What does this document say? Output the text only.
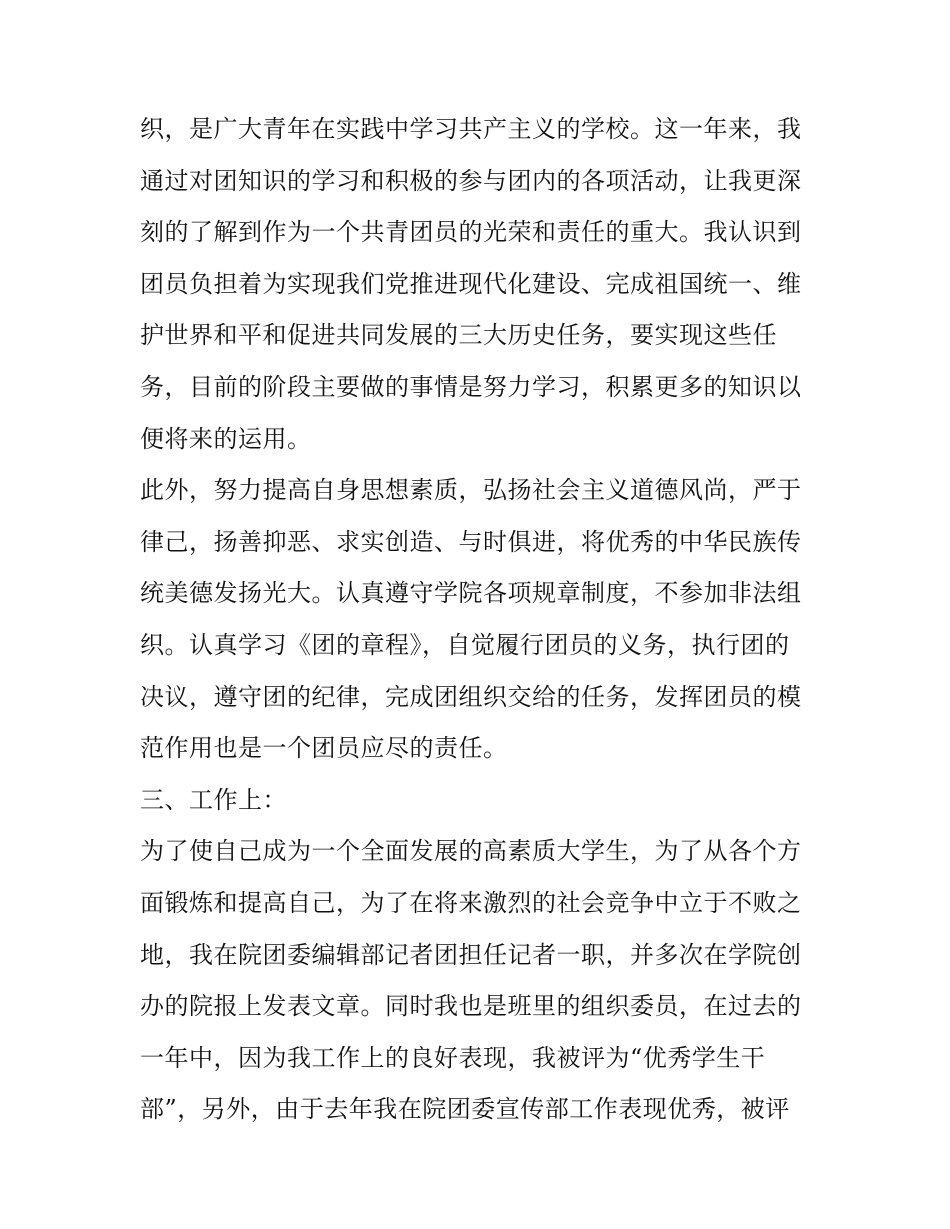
织，是广大青年在实践中学习共产主义的学校。这一年来，我
通过对团知识的学习和积极的参与团内的各项活动，让我更深
刻的了解到作为一个共青团员的光荣和责任的重大。我认识到
团员负担着为实现我们党推进现代化建设、完成祖国统一、维
护世界和平和促进共同发展的三大历史任务，要实现这些任
务，目前的阶段主要做的事情是努力学习，积累更多的知识以
便将来的运用。
此外，努力提高自身思想素质，弘扬社会主义道德风尚，严于
律己，扬善抑恶、求实创造、与时俱进，将优秀的中华民族传
统美德发扬光大。认真遵守学院各项规章制度，不参加非法组
织。认真学习《团的章程》，自觉履行团员的义务，执行团的
决议，遵守团的纪律，完成团组织交给的任务，发挥团员的模
范作用也是一个团员应尽的责任。
三、工作上：
为了使自己成为一个全面发展的高素质大学生，为了从各个方
面锻炼和提高自己，为了在将来激烈的社会竞争中立于不败之
地，我在院团委编辑部记者团担任记者一职，并多次在学院创
办的院报上发表文章。同时我也是班里的组织委员，在过去的
一年中，因为我工作上的良好表现，我被评为“优秀学生干
部”，另外，由于去年我在院团委宣传部工作表现优秀，被评
